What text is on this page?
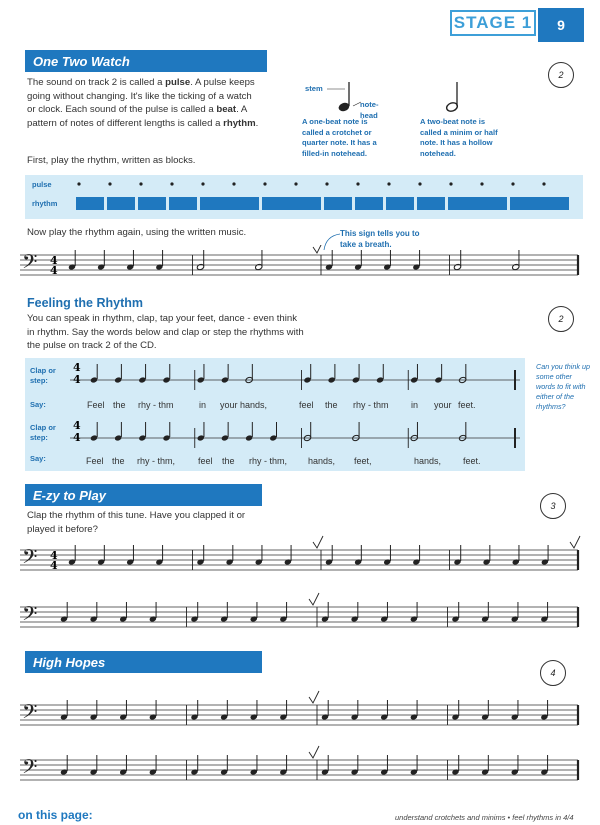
STAGE 1	9
One Two Watch
The sound on track 2 is called a pulse. A pulse keeps going without changing. It's like the ticking of a watch or clock. Each sound of the pulse is called a beat. A pattern of notes of different lengths is called a rhythm.
stem
note-head
A one-beat note is called a crotchet or quarter note. It has a filled-in notehead.
A two-beat note is called a minim or half note. It has a hollow notehead.
2
First, play the rhythm, written as blocks.
pulse
rhythm
Now play the rhythm again, using the written music.	This sign tells you to take a breath.
𝄢 4
4
Feeling the Rhythm
You can speak in rhythm, clap, tap your feet, dance - even think in rhythm. Say the words below and clap or step the rhythms with the pulse on track 2 of the CD.
2
Clap or step:
Say:
Clap or step:
Say:
4
4
4
4
Feel the rhy - thm	in your hands,	feel the rhy - thm in your feet.
Feel the rhy - thm,	feel the rhy - thm, hands, feet,	hands, feet.
Can you think up some other words to fit with either of the rhythms?
E-zy to Play
Clap the rhythm of this tune. Have you clapped it or played it before?
3
𝄢 4
4
𝄢
High Hopes
4
𝄢
𝄢
on this page:	understand crotchets and minims • feel rhythms in 4/4
